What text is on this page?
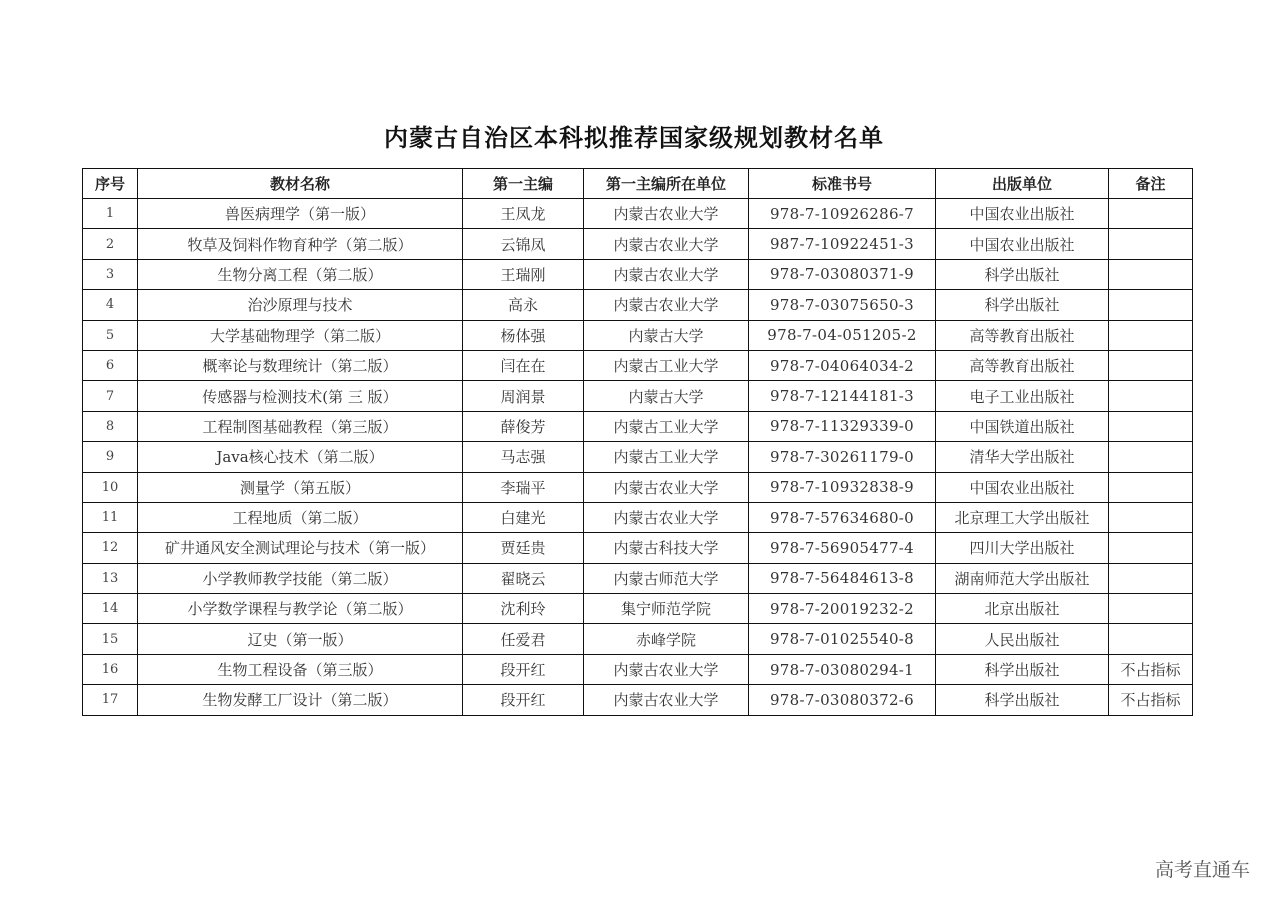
内蒙古自治区本科拟推荐国家级规划教材名单
序号	教材名称	第一主编	第一主编所在单位	标准书号	出版单位	备注
1	兽医病理学（第一版）	王凤龙	内蒙古农业大学	978-7-10926286-7	中国农业出版社	
2	牧草及饲料作物育种学（第二版）	云锦凤	内蒙古农业大学	987-7-10922451-3	中国农业出版社	
3	生物分离工程（第二版）	王瑞刚	内蒙古农业大学	978-7-03080371-9	科学出版社	
4	治沙原理与技术	高永	内蒙古农业大学	978-7-03075650-3	科学出版社	
5	大学基础物理学（第二版）	杨体强	内蒙古大学	978-7-04-051205-2	高等教育出版社	
6	概率论与数理统计（第二版）	闫在在	内蒙古工业大学	978-7-04064034-2	高等教育出版社	
7	传感器与检测技术(第 三 版）	周润景	内蒙古大学	978-7-12144181-3	电子工业出版社	
8	工程制图基础教程（第三版）	薛俊芳	内蒙古工业大学	978-7-11329339-0	中国铁道出版社	
9	Java核心技术（第二版）	马志强	内蒙古工业大学	978-7-30261179-0	清华大学出版社	
10	测量学（第五版）	李瑞平	内蒙古农业大学	978-7-10932838-9	中国农业出版社	
11	工程地质（第二版）	白建光	内蒙古农业大学	978-7-57634680-0	北京理工大学出版社	
12	矿井通风安全测试理论与技术（第一版）	贾廷贵	内蒙古科技大学	978-7-56905477-4	四川大学出版社	
13	小学教师教学技能（第二版）	翟晓云	内蒙古师范大学	978-7-56484613-8	湖南师范大学出版社	
14	小学数学课程与教学论（第二版）	沈利玲	集宁师范学院	978-7-20019232-2	北京出版社	
15	辽史（第一版）	任爱君	赤峰学院	978-7-01025540-8	人民出版社	
16	生物工程设备（第三版）	段开红	内蒙古农业大学	978-7-03080294-1	科学出版社	不占指标
17	生物发酵工厂设计（第二版）	段开红	内蒙古农业大学	978-7-03080372-6	科学出版社	不占指标
高考直通车
